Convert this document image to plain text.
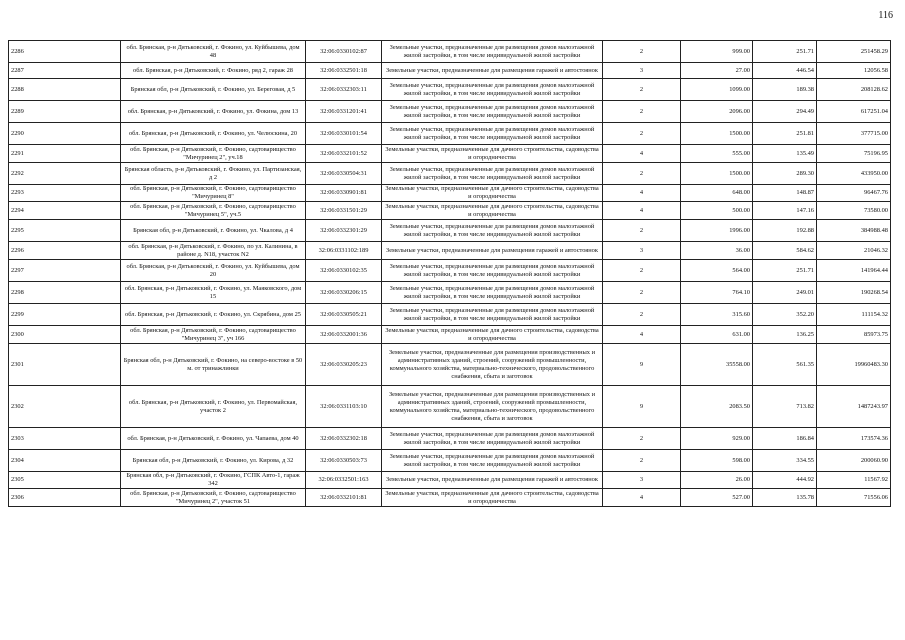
116
2286	обл. Брянская, р-н Дятьковский, г. Фокино, ул. Куйбышева, дом 48	32:06:0330102:87	Земельные участки, предназначенные для размещения домов малоэтажной жилой застройки, в том числе индивидуальной жилой застройки	2	999.00	251.71	251458.29
2287	обл. Брянская, р-н Дятьковский, г. Фокино, ряд 2, гараж 28	32:06:0332501:18	Земельные участки, предназначенные для размещения гаражей и автостоянок	3	27.00	446.54	12056.58
2288	Брянская обл, р-н Дятьковский, г. Фокино, ул. Береговая, д 5	32:06:0332303:11	Земельные участки, предназначенные для размещения домов малоэтажной жилой застройки, в том числе индивидуальной жилой застройки	2	1099.00	189.38	208128.62
2289	обл. Брянская, р-н Дятьковский, г. Фокино, ул. Фокина, дом 13	32:06:0331201:41	Земельные участки, предназначенные для размещения домов малоэтажной жилой застройки, в том числе индивидуальной жилой застройки	2	2096.00	294.49	617251.04
2290	обл. Брянская, р-н Дятьковский, г. Фокино, ул. Челюскина, 20	32:06:0330101:54	Земельные участки, предназначенные для размещения домов малоэтажной жилой застройки, в том числе индивидуальной жилой застройки	2	1500.00	251.81	377715.00
2291	обл. Брянская, р-н Дятьковский, г. Фокино, садтоварищество "Мичуринец 2", уч.18	32:06:0332101:52	Земельные участки, предназначенные для дачного строительства, садоводства и огородничества	4	555.00	135.49	75196.95
2292	Брянская область, р-н Дятьковский, г. Фокино, ул. Партизанская, д 2	32:06:0330504:31	Земельные участки, предназначенные для размещения домов малоэтажной жилой застройки, в том числе индивидуальной жилой застройки	2	1500.00	289.30	433950.00
2293	обл. Брянская, р-н Дятьковский, г. Фокино, садтоварищество "Мичуринец 8"	32:06:0330901:81	Земельные участки, предназначенные для дачного строительства, садоводства и огородничества	4	648.00	148.87	96467.76
2294	обл. Брянская, р-н Дятьковский, г. Фокино, садтоварищество "Мичуринец 5", уч.5	32:06:0331501:29	Земельные участки, предназначенные для дачного строительства, садоводства и огородничества	4	500.00	147.16	73580.00
2295	Брянская обл, р-н Дятьковский, г. Фокино, ул. Чкалова, д 4	32:06:0332301:29	Земельные участки, предназначенные для размещения домов малоэтажной жилой застройки, в том числе индивидуальной жилой застройки	2	1996.00	192.88	384988.48
2296	обл. Брянская, р-н Дятьковский, г. Фокино, по ул. Калинина, в районе д. N18, участок N2	32:06:0331102:189	Земельные участки, предназначенные для размещения гаражей и автостоянок	3	36.00	584.62	21046.32
2297	обл. Брянская, р-н Дятьковский, г. Фокино, ул. Куйбышева, дом 20	32:06:0330102:35	Земельные участки, предназначенные для размещения домов малоэтажной жилой застройки, в том числе индивидуальной жилой застройки	2	564.00	251.71	141964.44
2298	обл. Брянская, р-н Дятьковский, г. Фокино, ул. Маяковского, дом 15	32:06:0330206:15	Земельные участки, предназначенные для размещения домов малоэтажной жилой застройки, в том числе индивидуальной жилой застройки	2	764.10	249.01	190268.54
2299	обл. Брянская, р-н Дятьковский, г. Фокино, ул. Скрябина, дом 25	32:06:0330505:21	Земельные участки, предназначенные для размещения домов малоэтажной жилой застройки, в том числе индивидуальной жилой застройки	2	315.60	352.20	111154.32
2300	обл. Брянская, р-н Дятьковский, г. Фокино, садтоварищество "Мичуринец 3", уч 166	32:06:0332001:36	Земельные участки, предназначенные для дачного строительства, садоводства и огородничества	4	631.00	136.25	85973.75
2301	Брянская обл, р-н Дятьковский, г. Фокино, на северо-востоке в 50 м. от тринажлинки	32:06:0330205:23	Земельные участки, предназначенные для размещения производственных и административных зданий, строений, сооружений промышленности, коммунального хозяйства, материально-технического, продовольственного снабжения, сбыта и заготовок	9	35558.00	561.35	19960483.30
2302	обл. Брянская, р-н Дятьковский, г. Фокино, ул. Первомайская, участок 2	32:06:0331103:10	Земельные участки, предназначенные для размещения производственных и административных зданий, строений, сооружений промышленности, коммунального хозяйства, материально-технического, продовольственного снабжения, сбыта и заготовок	9	2083.50	713.82	1487243.97
2303	обл. Брянская, р-н Дятьковский, г. Фокино, ул. Чапаева, дом 40	32:06:0332302:18	Земельные участки, предназначенные для размещения домов малоэтажной жилой застройки, в том числе индивидуальной жилой застройки	2	929.00	186.84	173574.36
2304	Брянская обл, р-н Дятьковский, г. Фокино, ул. Кирова, д 32	32:06:0330503:73	Земельные участки, предназначенные для размещения домов малоэтажной жилой застройки, в том числе индивидуальной жилой застройки	2	598.00	334.55	200060.90
2305	Брянская обл, р-н Дятьковский, г. Фокино, ГСПК Авто-1, гараж 342	32:06:0332501:163	Земельные участки, предназначенные для размещения гаражей и автостоянок	3	26.00	444.92	11567.92
2306	обл. Брянская, р-н Дятьковский, г. Фокино, садтоварищество "Мичуринец 2", участок 51	32:06:0332101:81	Земельные участки, предназначенные для дачного строительства, садоводства и огородничества	4	527.00	135.78	71556.06
